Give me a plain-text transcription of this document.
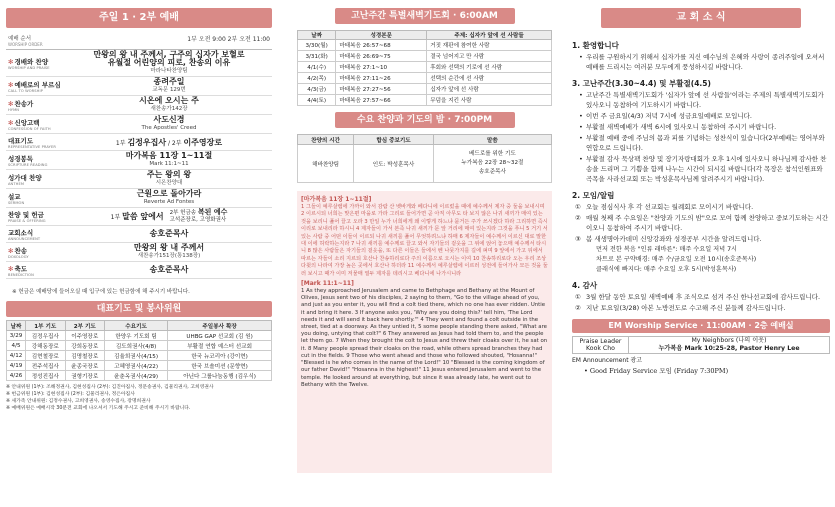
주일 1 · 2부 예배
예배 순서
WORSHIP ORDER
1부 오전 9:00 2부 오전 11:00
✻경배와 찬양
WORSHIP AND PRAISE
만왕의 왕 내 주께서, 구주의 십자가 보혈로
유월절 어린양의 피로, 찬송의 이유
마라나타찬양팀
✻예배로의 부르심
CALL TO WORSHIP
종려주일
교독문 129번
✻찬송가
HYMN
시온에 오시는 주
새찬송가142장
✻신앙고백
CONFESSION OF FAITH
사도신경
The Apostles' Creed
대표기도
REPRESENTATIVE PRAYER	1부 김정우집사 / 2부 이주영장로
성경봉독
SCRIPTURE READING
마가복음 11장 1~11절
Mark 11:1~11
성가대 찬양
ANTHEM
주는 왕의 왕
시온찬양대
설교
SERMON
근원으로 돌아가라
Reverte Ad Fontes
찬양 및 헌금
PRAISE & OFFERING	1부 말씀 앞에서 2부 헌금송 복된 예수
고석준장로, 고영화권사
교회소식
ANNOUNCEMENT
송호준목사
✻찬송
DOXOLOGY
만왕의 왕 내 주께서
새찬송가151장(통138장)
✻축도
BENEDICTION
송호준목사
※ 헌금은 예배당에 들어오실 때 입구에 있는 헌금함에 해 주시기 바랍니다.
대표기도 및 봉사위원
날짜	1부 기도	2부 기도	수요기도	주일봉사 확장
3/29	김정우집사	이주영장로	한양우 기도회 팀	UHBG GAP 선교회 (김 원)
4/5	강해동장로	강희동장로	김도희권사(4/8)	부활절 연합 예스터 선교회
4/12	김현철장로	김명철장로	김율희권사(4/15)	한국 뉴코리아 (강이현)
4/19	전주석집사	윤종국장로	고혜영권사(4/22)	한국 브솔미션 (문향현)
4/26	정성진집사	권형기장로	윤춘옥권사(4/29)	아닌다 그룹나눔동행 (김우식)
※ 안내위원 (1부): 조해정권사, 김현성집사 (2부): 김진아집사, 정문송권사, 김물리권사, 고희영권사
※ 헌금위원 (1부): 김현성집사 (2부): 김물리권사, 정은아집사
※ 새가족 안내위원: 김정수권사, 고희영권사, 송영수집사, 장명희권사
※ 예배위원은 예배시작 30분전 교회에 나오셔서 기도해 주시고 준비해 주시기 바랍니다.
고난주간 특별새벽기도회 · 6:00AM
날짜	성경본문	주제: 십자가 앞에 선 사람들
3/30(월)	마태복음 26:57~68	거짓 재판에 참여한 사람
3/31(화)	마태복음 26:69~75	결국 넘어지고 만 사람
4/1(수)	마태복음 27:1~10	후회와 선택의 기로에 선 사람
4/2(목)	마태복음 27:11~26	선택의 순간에 선 사람
4/3(금)	마태복음 27:27~56	십자가 앞에 선 사람
4/4(토)	마태복음 27:57~66	무덤을 지킨 사람
수요 찬양과 기도의 밤 · 7:00PM
찬양의 시간	합심 중보기도	말씀
해바찬양팀	인도: 박성훈목사	베드로를 위한 기도
누가복음 22장 28~32절
송호준목사
[마가복음 11장 1~11절]
1 그들이 예루살렘에 가까이 와서 감람 산 벳바게와 베다니에 이르렀을 때에 예수께서 제자 중 둘을 보내시며 2 이르시되 너희는 맞은편 마을로 가라 그리로 들어가면 곧 아직 아무도 타 보지 않은 나귀 새끼가 매여 있는 것을 보리니 풀어 끌고 오라 3 만일 누가 너희에게 왜 이렇게 하느냐 묻거든 주가 쓰시겠다 하라 그리하면 즉시 이리로 보내리라 하시니 4 제자들이 가서 본즉 나귀 새끼가 문 앞 거리에 매여 있는지라 그것을 푸니 5 거기 서 있는 사람 중 어떤 이들이 이르되 나귀 새끼를 풀어 무엇하려느냐 하매 6 제자들이 예수께서 이르신 대로 말한대 이에 허락하는지라 7 나귀 새끼를 예수께로 끌고 와서 자기들의 겉옷을 그 위에 얹어 놓으매 예수께서 타시니 8 많은 사람들은 자기들의 겉옷을, 또 다른 이들은 들에서 벤 나뭇가지를 길에 펴며 9 앞에서 가고 뒤에서 따르는 자들이 소리 지르되 호산나 찬송하리로다 주의 이름으로 오시는 이여 10 찬송하리로다 오는 우리 조상 다윗의 나라여 가장 높은 곳에서 호산나 하더라 11 예수께서 예루살렘에 이르러 성전에 들어가사 모든 것을 둘러 보시고 때가 이미 저물매 열두 제자를 데리시고 베다니에 나가시니라
[Mark 11:1~11]
1 As they approached Jerusalem and came to Bethphage and Bethany at the Mount of Olives, Jesus sent two of his disciples, 2 saying to them, "Go to the village ahead of you, and just as you enter it, you will find a colt tied there, which no one has ever ridden. Untie it and bring it here. 3 If anyone asks you, 'Why are you doing this?' tell him, 'The Lord needs it and will send it back here shortly.'" 4 They went and found a colt outside in the street, tied at a doorway. As they untied it, 5 some people standing there asked, "What are you doing, untying that colt?" 6 They answered as Jesus had told them to, and the people let them go. 7 When they brought the colt to Jesus and threw their cloaks over it, he sat on it. 8 Many people spread their cloaks on the road, while others spread branches they had cut in the fields. 9 Those who went ahead and those who followed shouted, "Hosanna!" "Blessed is he who comes in the name of the Lord!" 10 "Blessed is the coming kingdom of our father David!" "Hosanna in the highest!" 11 Jesus entered Jerusalem and went to the temple. He looked around at everything, but since it was already late, he went out to Bethany with the Twelve.
교 회 소 식
1. 환영합니다
• 우리를 구원하시기 위해서 십자가를 지신 예수님의 은혜와 사랑이 종려주일에 오셔서 예배를 드리시는 여러분 모두에게 풍성하시길 바랍니다.
3. 고난주간(3.30~4.4) 및 부활절(4.5)
• 고난주간 특별새벽기도회가 '십자가 앞에 선 사람들'이라는 주제의 특별새벽기도회가 있사오니 동참하여 기도하시기 바랍니다.
• 이번 주 금요일(4/3) 저녁 7시에 성금요일예배로 모입니다.
• 부활절 새벽예배가 새벽 6시에 있사오니 동참하여 주시기 바랍니다.
• 부활절 예배 중에 주님의 몸과 피를 기념하는 성찬식이 있습니다(2부예배는 영어부와 연합으로 드립니다).
• 부활절 감사 묵상팩 찬양 및 장기자랑대회가 오후 1시에 있사오니 하나님께 감사한 찬송을 드리며 그 기쁨을 함께 나누는 시간이 되시길 바랍니다(각 목장은 참석인원표와 곡목을 사라선교회 또는 박성훈목사님께 알려주시기 바랍니다).
2. 모임/알림
① 오늘 점심식사 후 각 선교회는 월례회로 모이시기 바랍니다.
② 매월 첫째 주 수요일은 "찬양과 기도의 밤"으로 모여 함께 찬양하고 중보기도하는 시간이오니 동참하여 주시기 바랍니다.
③ 봄 새생명아카데미 신앙강좌와 성경공부 시간을 알려드립니다.
먼저 전한 복음 "인류 래바른": 매주 수요일 저녁 7시
차트로 본 구약배경: 매주 수/금요일 오전 10시(송호준목사)
클래식에 빠지다: 매주 수요일 오후 5시(박성훈목사)
4. 감사
① 3월 한달 동안 토요일 새벽예배 후 조식으로 섬겨 주신 한나선교회에 감사드립니다.
② 지난 토요일(3/28) 아본 노방전도로 수고해 주신 분들께 감사드립니다.
EM Worship Service · 11:00AM · 2층 예배실
Praise Leader
Kook Cho

My Neighbors (나의 이웃)
누가복음 Mark 10:25-28, Pastor Henry Lee
EM Announcement 광고
• Good Friday Service 모임 (Friday 7:30PM)
